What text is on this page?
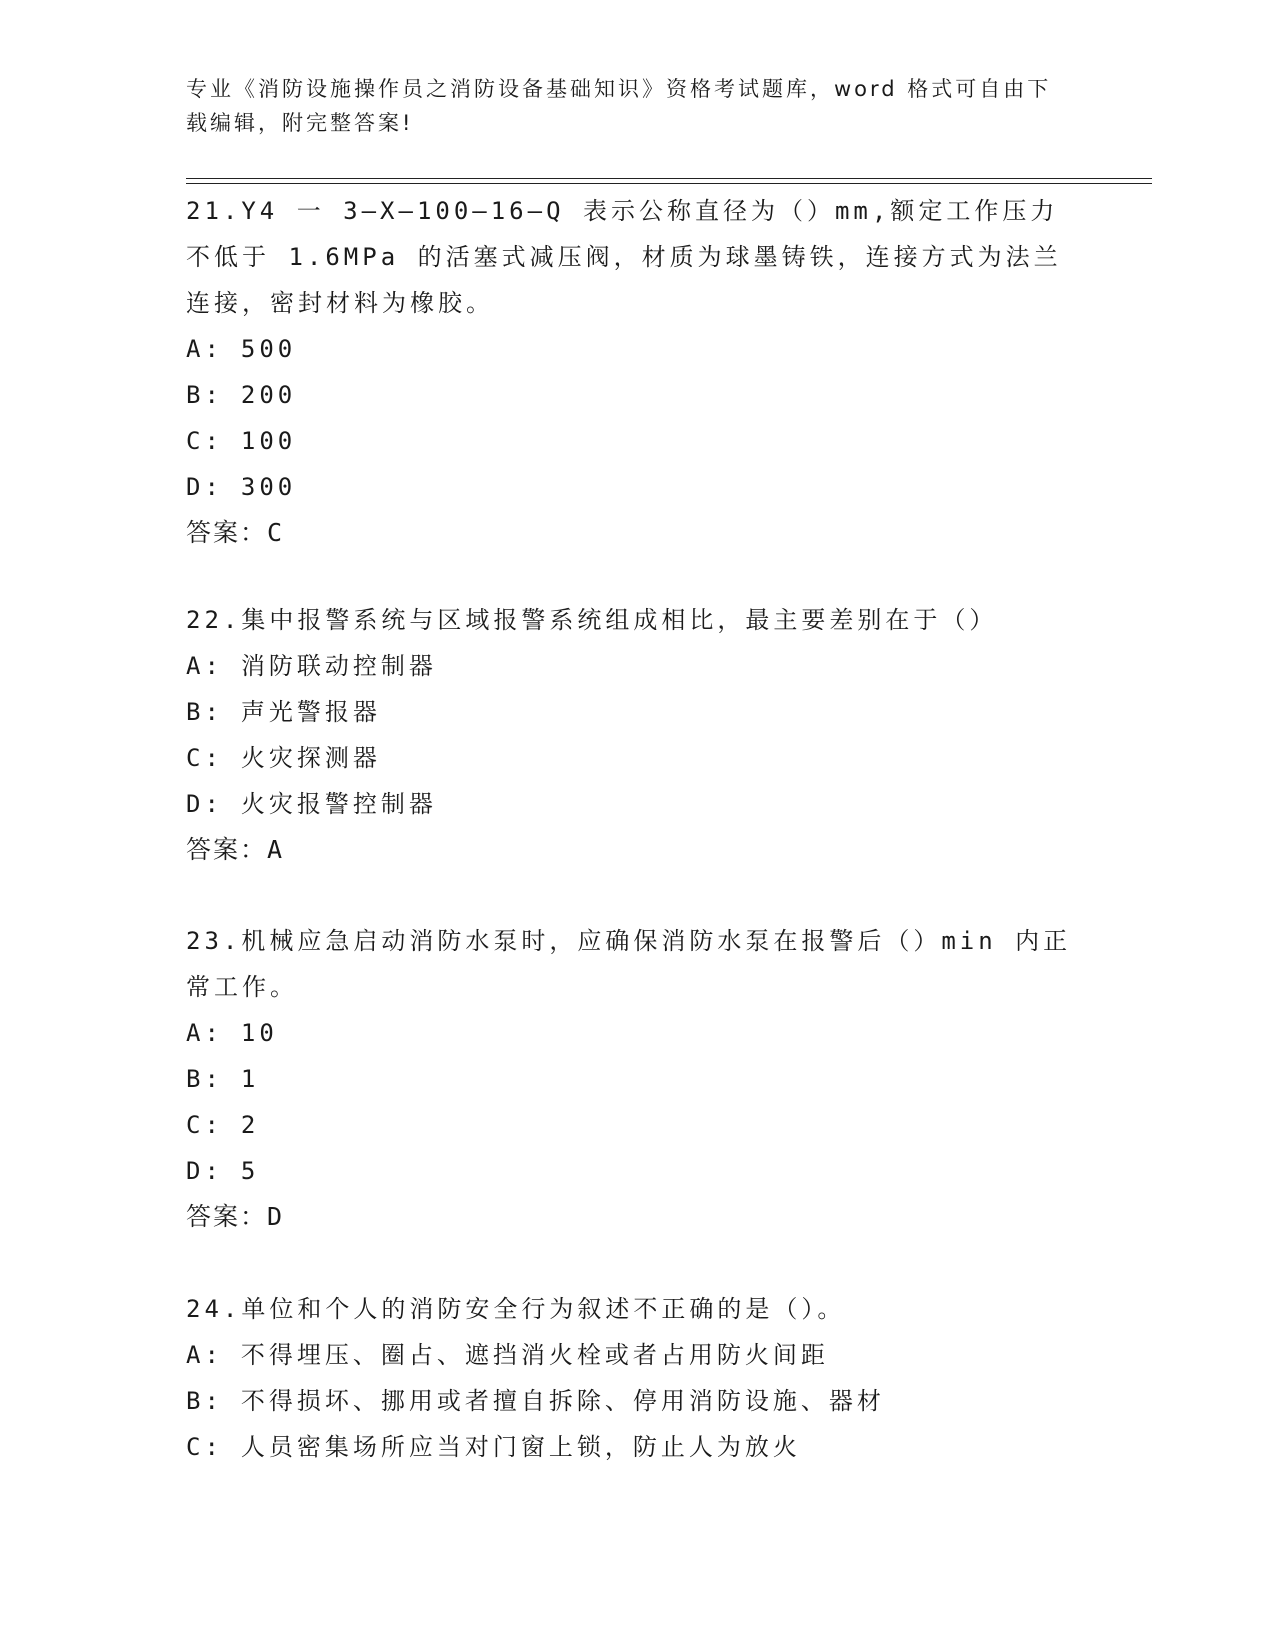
专业《消防设施操作员之消防设备基础知识》资格考试题库，word 格式可自由下载编辑，附完整答案!
21.Y4 一 3—X—100—16—Q 表示公称直径为（）mm,额定工作压力不低于 1.6MPa 的活塞式减压阀，材质为球墨铸铁，连接方式为法兰连接，密封材料为橡胶。
A: 500
B: 200
C: 100
D: 300
答案：C
22.集中报警系统与区域报警系统组成相比，最主要差别在于（）
A: 消防联动控制器
B: 声光警报器
C: 火灾探测器
D: 火灾报警控制器
答案：A
23.机械应急启动消防水泵时，应确保消防水泵在报警后（）min 内正常工作。
A: 10
B: 1
C: 2
D: 5
答案：D
24.单位和个人的消防安全行为叙述不正确的是（）。
A: 不得埋压、圈占、遮挡消火栓或者占用防火间距
B: 不得损坏、挪用或者擅自拆除、停用消防设施、器材
C: 人员密集场所应当对门窗上锁，防止人为放火
